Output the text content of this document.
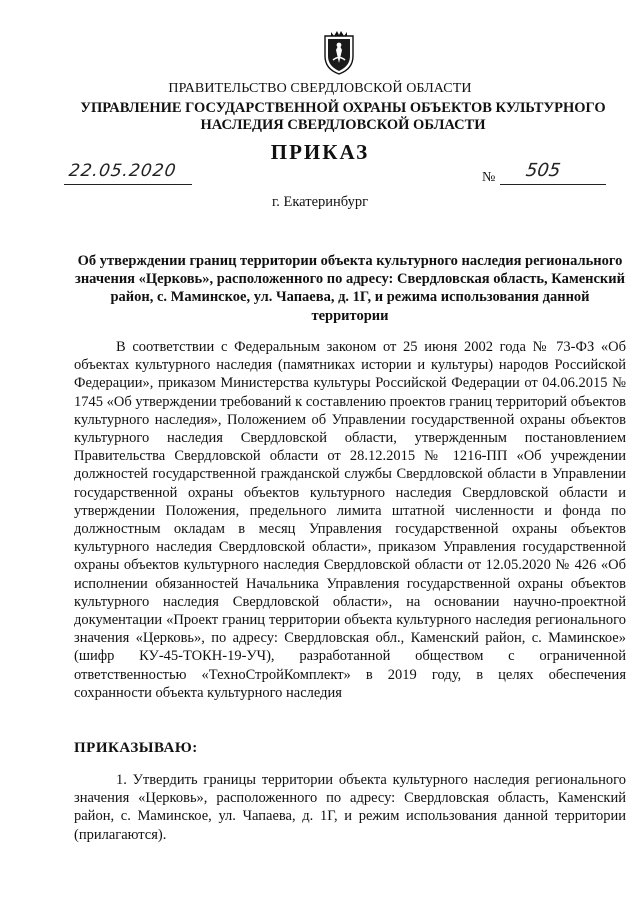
ПРАВИТЕЛЬСТВО СВЕРДЛОВСКОЙ ОБЛАСТИ
УПРАВЛЕНИЕ ГОСУДАРСТВЕННОЙ ОХРАНЫ ОБЪЕКТОВ КУЛЬТУРНОГО НАСЛЕДИЯ СВЕРДЛОВСКОЙ ОБЛАСТИ
ПРИКАЗ
22.05.2020	№ 505
г. Екатеринбург
Об утверждении границ территории объекта культурного наследия регионального значения «Церковь», расположенного по адресу: Свердловская область, Каменский район, с. Маминское, ул. Чапаева, д. 1Г, и режима использования данной территории

В соответствии с Федеральным законом от 25 июня 2002 года № 73-ФЗ «Об объектах культурного наследия (памятниках истории и культуры) народов Российской Федерации», приказом Министерства культуры Российской Федерации от 04.06.2015 № 1745 «Об утверждении требований к составлению проектов границ территорий объектов культурного наследия», Положением об Управлении государственной охраны объектов культурного наследия Свердловской области, утвержденным постановлением Правительства Свердловской области от 28.12.2015 № 1216-ПП «Об учреждении должностей государственной гражданской службы Свердловской области в Управлении государственной охраны объектов культурного наследия Свердловской области и утверждении Положения, предельного лимита штатной численности и фонда по должностным окладам в месяц Управления государственной охраны объектов культурного наследия Свердловской области», приказом Управления государственной охраны объектов культурного наследия Свердловской области от 12.05.2020 № 426 «Об исполнении обязанностей Начальника Управления государственной охраны объектов культурного наследия Свердловской области», на основании научно-проектной документации «Проект границ территории объекта культурного наследия регионального значения «Церковь», по адресу: Свердловская обл., Каменский район, с. Маминское» (шифр КУ-45-ТОКН-19-УЧ), разработанной обществом с ограниченной ответственностью «ТехноСтройКомплект» в 2019 году, в целях обеспечения сохранности объекта культурного наследия

ПРИКАЗЫВАЮ:
1. Утвердить границы территории объекта культурного наследия регионального значения «Церковь», расположенного по адресу: Свердловская область, Каменский район, с. Маминское, ул. Чапаева, д. 1Г, и режим использования данной территории (прилагаются).
